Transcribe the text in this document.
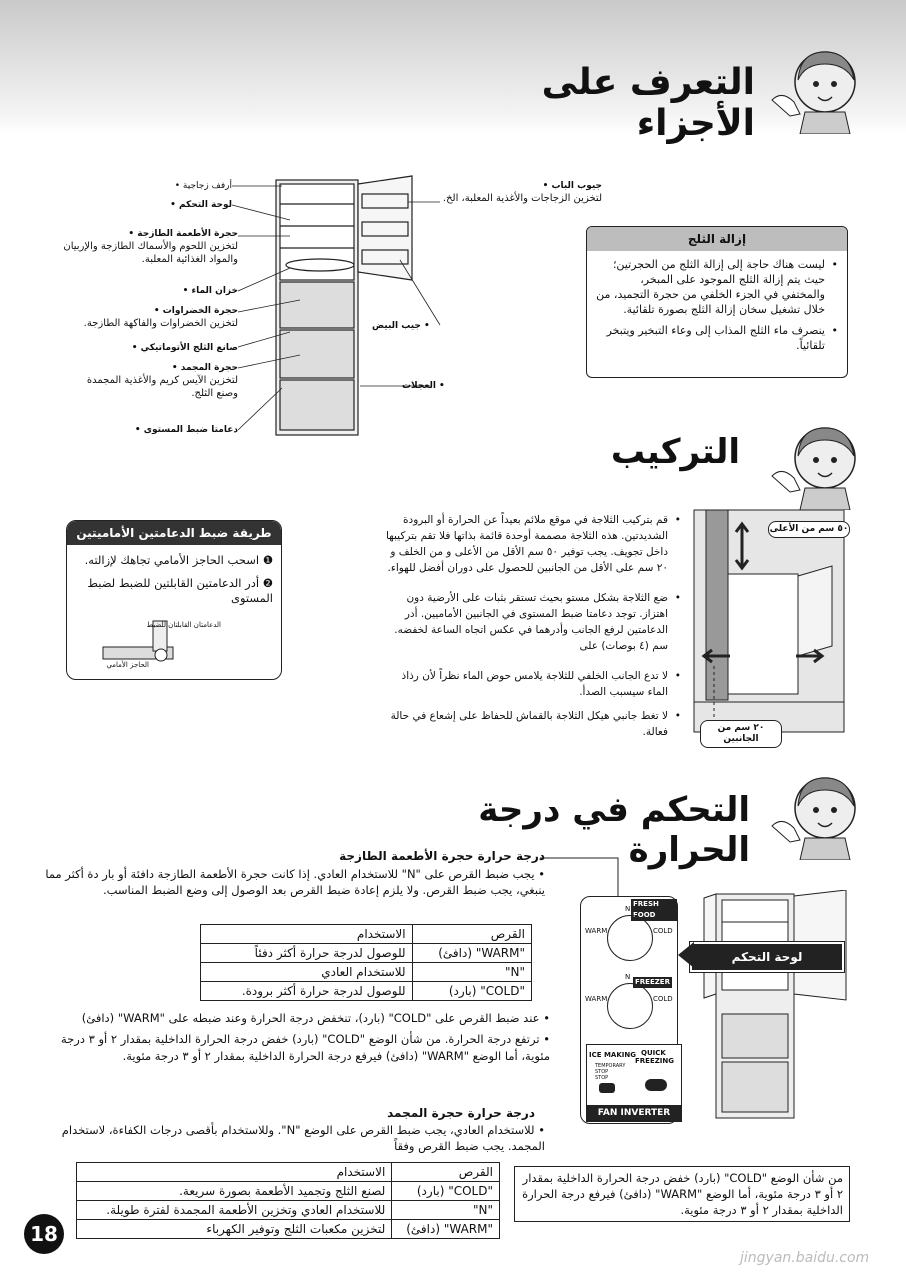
التعرف على الأجزاء
أرفف زجاجية •
لوحة التحكم •
حجرة الأطعمة الطازجة •
لتخزين اللحوم والأسماك الطازجة والإربيان والمواد الغذائية المعلبة.
خزان الماء •
حجرة الخضراوات •
لتخزين الخضراوات والفاكهة الطازجة.
صانع الثلج الأتوماتيكي •
حجرة المجمد •
لتخزين الآيس كريم والأغذية المجمدة وصنع الثلج.
دعامتا ضبط المستوى •
جيوب الباب •
لتخزين الزجاجات والأغذية المعلبة، الخ.
• جيب البيض
• العجلات
إزالة الثلج
• ليست هناك حاجة إلى إزالة الثلج من الحجرتين؛ حيث يتم إزالة الثلج الموجود على المبخر، والمختفي في الجزء الخلفي من حجرة التجميد، من خلال تشغيل سخان إزالة الثلج بصورة تلقائية.
• ينصرف ماء الثلج المذاب إلى وعاء التبخير ويتبخر تلقائياً.
التركيب
• قم بتركيب الثلاجة في موقع ملائم بعيداً عن الحرارة أو البرودة الشديدتين. هذه الثلاجة مصممة أوحدة قائمة بذاتها فلا تقم بتركيبها داخل تجويف. يجب توفير ٥٠ سم الأقل من الأعلى و من الخلف و ٢٠ سم على الأقل من الجانبين للحصول على دوران أفضل للهواء.
• ضع الثلاجة بشكل مستو بحيث تستقر بثبات على الأرضية دون اهتزاز. توجد دعامتا ضبط المستوى في الجانبين الأماميين. أدر الدعامتين لرفع الجانب وأدرهما في عكس اتجاه الساعة لخفضه. سم (٤ بوصات) على
• لا تدع الجانب الخلفي للثلاجة يلامس حوض الماء نظراً لأن رذاذ الماء سيسبب الصدأ.
• لا تغط جانبي هيكل الثلاجة بالقماش للحفاظ على إشعاع في حالة فعالة.
٥٠ سم من الأعلى
٢٠ سم من الجانبين
طريقة ضبط الدعامتين الأماميتين
❶ اسحب الحاجز الأمامي تجاهك لإزالته.
❷ أدر الدعامتين القابلتين للضبط لضبط المستوى
الدعامتان القابلتان للضبط
الحاجز الأمامي
التحكم في درجة الحرارة
درجة حرارة حجرة الأطعمة الطازجة
• يجب ضبط القرص على "N" للاستخدام العادي. إذا كانت حجرة الأطعمة الطازجة دافئة أو بار دة أكثر مما ينبغي، يجب ضبط القرص. ولا يلزم إعادة ضبط القرص بعد الوصول إلى وضع الضبط المناسب.
القرص	الاستخدام
"WARM" (دافئ)	للوصول لدرجة حرارة أكثر دفئاً
"N"	للاستخدام العادي
"COLD" (بارد)	للوصول لدرجة حرارة أكثر برودة.
• عند ضبط القرص على "COLD" (بارد)، تنخفض درجة الحرارة وعند ضبطه على "WARM" (دافئ)
• ترتفع درجة الحرارة. من شأن الوضع "COLD" (بارد) خفض درجة الحرارة الداخلية بمقدار ٢ أو ٣ درجة مئوية، أما الوضع "WARM" (دافئ) فيرفع درجة الحرارة الداخلية بمقدار ٢ أو ٣ درجة مئوية.
درجة حرارة حجرة المجمد
• للاستخدام العادي، يجب ضبط القرص على الوضع "N". وللاستخدام بأقصى درجات الكفاءة، لاستخدام المجمد. يجب ضبط القرص وفقاً
القرص	الاستخدام
"COLD" (بارد)	لصنع الثلج وتجميد الأطعمة بصورة سريعة.
"N"	للاستخدام العادي وتخزين الأطعمة المجمدة لفترة طويلة.
"WARM" (دافئ)	لتخزين مكعبات الثلج وتوفير الكهرباء
من شأن الوضع "COLD" (بارد) خفض درجة الحرارة الداخلية بمقدار ٢ أو ٣ درجة مئوية، أما الوضع "WARM" (دافئ) فيرفع درجة الحرارة الداخلية بمقدار ٢ أو ٣ درجة مئوية.
FRESH FOOD
N
WARM	COLD
FREEZER
N
WARM	COLD
ICE MAKING
TEMPORARY
STOP
STOP
QUICK
FREEZING
FAN INVERTER
لوحة التحكم
18
jingyan.baidu.com
